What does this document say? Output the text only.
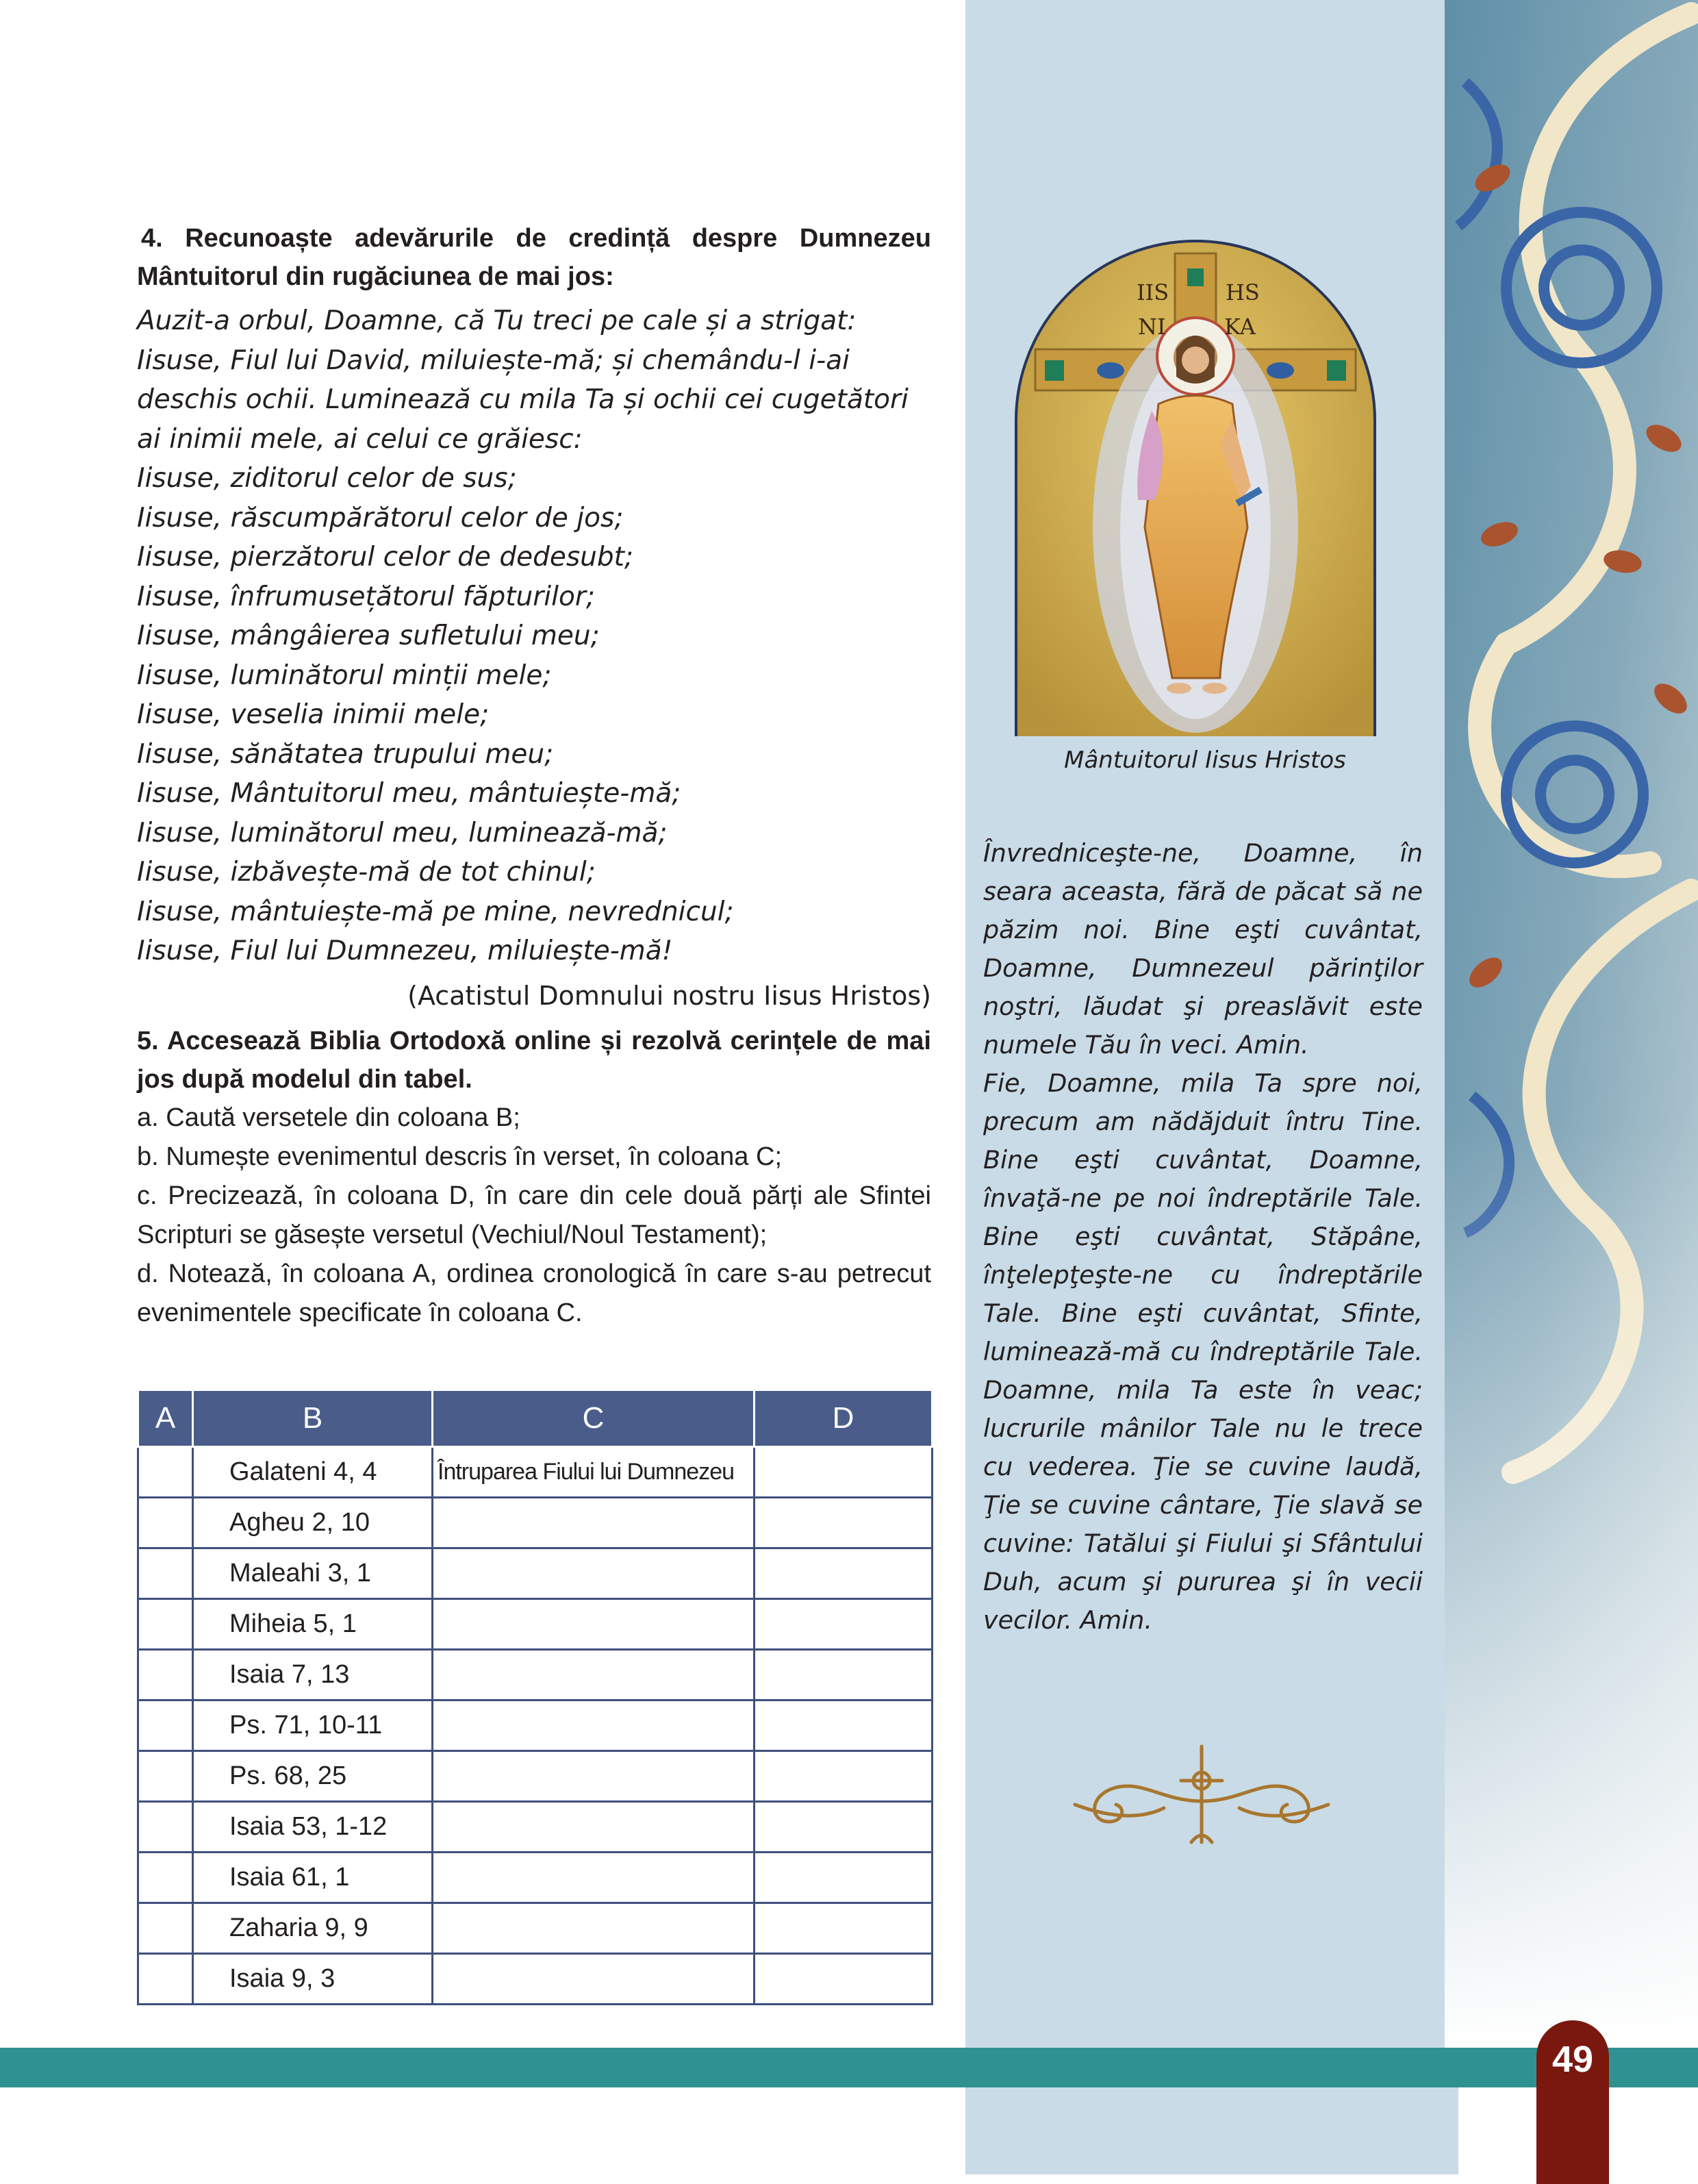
49

4. Recunoaște adevărurile de credință despre Dumnezeu Mântuitorul din rugăciunea de mai jos:

Auzit-a orbul, Doamne, că Tu treci pe cale și a strigat: Iisuse, Fiul lui David, miluiește-mă; și chemându-l i-ai deschis ochii. Luminează cu mila Ta și ochii cei cugetători ai inimii mele, ai celui ce grăiesc:
Iisuse, ziditorul celor de sus;
Iisuse, răscumpărătorul celor de jos;
Iisuse, pierzătorul celor de dedesubt;
Iisuse, înfrumusețătorul făpturilor;
Iisuse, mângâierea sufletului meu;
Iisuse, luminătorul minții mele;
Iisuse, veselia inimii mele;
Iisuse, sănătatea trupului meu;
Iisuse, Mântuitorul meu, mântuiește-mă;
Iisuse, luminătorul meu, luminează-mă;
Iisuse, izbăvește-mă de tot chinul;
Iisuse, mântuiește-mă pe mine, nevrednicul;
Iisuse, Fiul lui Dumnezeu, miluiește-mă!
(Acatistul Domnului nostru Iisus Hristos)
5. Accesează Biblia Ortodoxă online și rezolvă cerințele de mai jos după modelul din tabel.
a. Caută versetele din coloana B;
b. Numește evenimentul descris în verset, în coloana C;
c. Precizează, în coloana D, în care din cele două părți ale Sfintei Scripturi se găsește versetul (Vechiul/Noul Testament);
d. Notează, în coloana A, ordinea cronologică în care s-au petrecut evenimentele specificate în coloana C.
A	B	C	D
	Galateni 4, 4	Întruparea Fiului lui Dumnezeu	
	Agheu 2, 10		
	Maleahi 3, 1		
	Miheia 5, 1		
	Isaia 7, 13		
	Ps. 71, 10-11		
	Ps. 68, 25		
	Isaia 53, 1-12		
	Isaia 61, 1		
	Zaharia 9, 9		
	Isaia 9, 3		
IIS	HS
NI	KA
Mântuitorul Iisus Hristos

Învredniceşte-ne, Doamne, în seara aceasta, fără de păcat să ne păzim noi. Bine eşti cuvântat, Doamne, Dumnezeul părinţilor noştri, lăudat şi preaslăvit este numele Tău în veci. Amin.

Fie, Doamne, mila Ta spre noi, precum am nădăjduit întru Tine. Bine eşti cuvântat, Doamne, învaţă-ne pe noi îndreptările Tale. Bine eşti cuvântat, Stăpâne, înţelepţeşte-ne cu îndreptările Tale. Bine eşti cuvântat, Sfinte, luminează-mă cu îndreptările Tale. Doamne, mila Ta este în veac; lucrurile mânilor Tale nu le trece cu vederea. Ţie se cuvine laudă, Ţie se cuvine cântare, Ţie slavă se cuvine: Tatălui şi Fiului şi Sfântului Duh, acum şi pururea şi în vecii vecilor. Amin.
